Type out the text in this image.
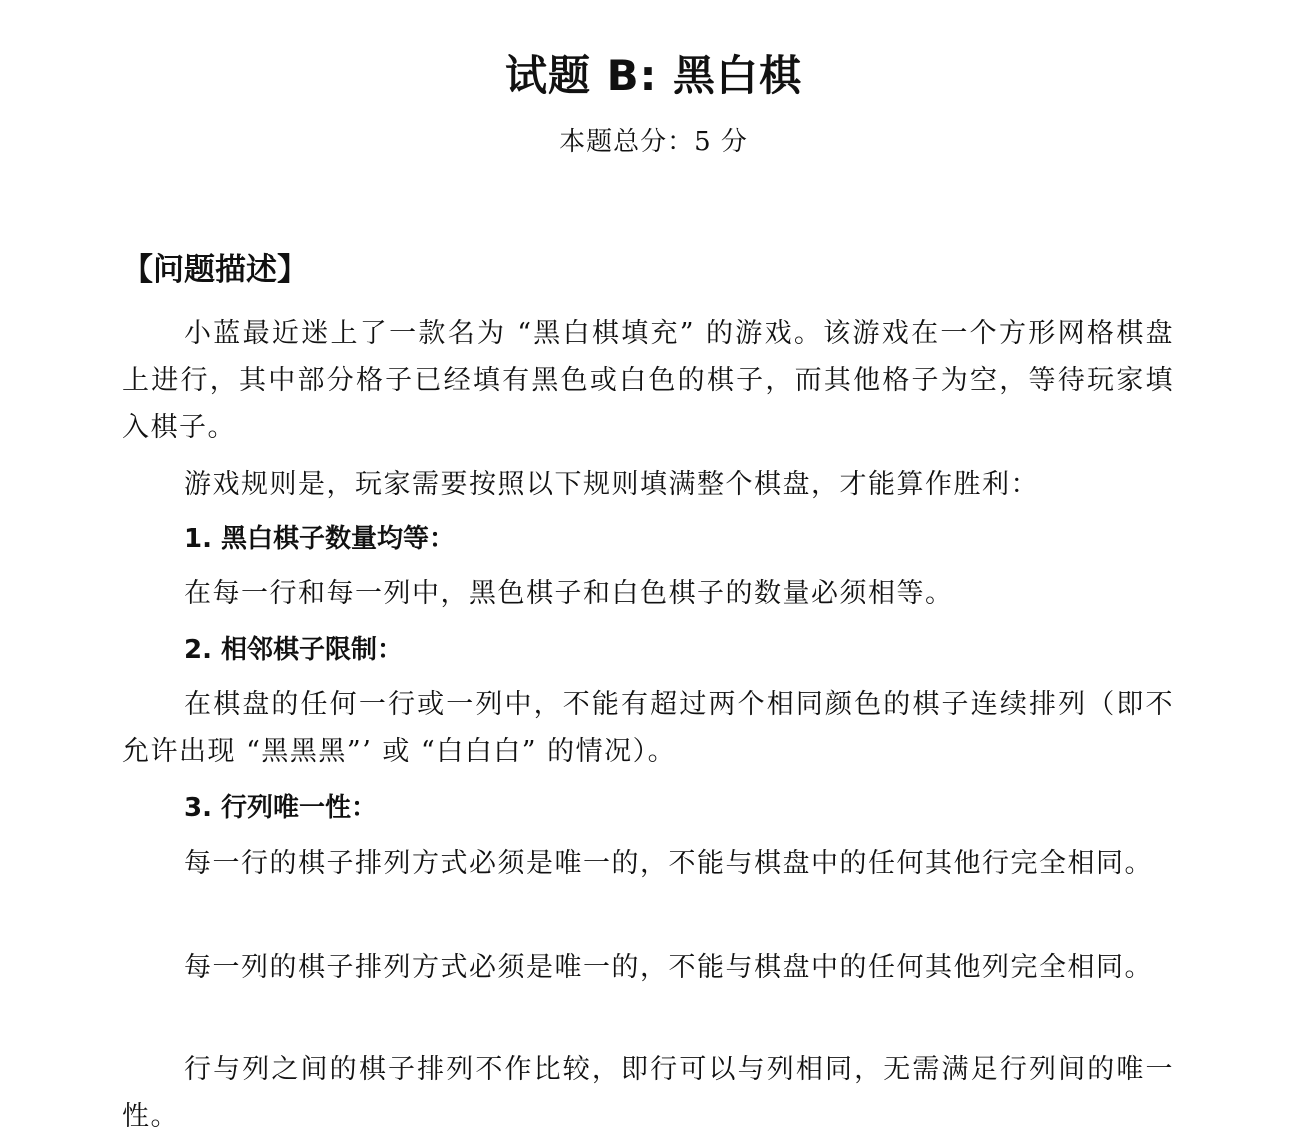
试题 B: 黑白棋
本题总分：5 分
【问题描述】

小蓝最近迷上了一款名为 “黑白棋填充” 的游戏。该游戏在一个方形网格棋盘上进行，其中部分格子已经填有黑色或白色的棋子，而其他格子为空，等待玩家填入棋子。

游戏规则是，玩家需要按照以下规则填满整个棋盘，才能算作胜利：

1. 黑白棋子数量均等：
在每一行和每一列中，黑色棋子和白色棋子的数量必须相等。
2. 相邻棋子限制：

在棋盘的任何一行或一列中，不能有超过两个相同颜色的棋子连续排列（即不允许出现 “黑黑黑”’ 或 “白白白” 的情况）。

3. 行列唯一性：

每一行的棋子排列方式必须是唯一的，不能与棋盘中的任何其他行完全相同。

每一列的棋子排列方式必须是唯一的，不能与棋盘中的任何其他列完全相同。

行与列之间的棋子排列不作比较，即行可以与列相同，无需满足行列间的唯一性。
